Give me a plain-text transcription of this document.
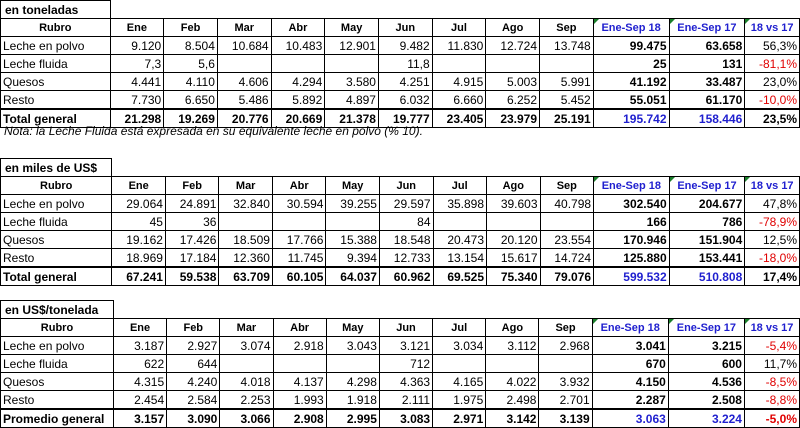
en toneladas												
Rubro	Ene	Feb	Mar	Abr	May	Jun	Jul	Ago	Sep	Ene-Sep 18	Ene-Sep 17	18 vs 17
Leche en polvo	9.120	8.504	10.684	10.483	12.901	9.482	11.830	12.724	13.748	99.475	63.658	56,3%
Leche fluida	7,3	5,6				11,8				25	131	-81,1%
Quesos	4.441	4.110	4.606	4.294	3.580	4.251	4.915	5.003	5.991	41.192	33.487	23,0%
Resto	7.730	6.650	5.486	5.892	4.897	6.032	6.660	6.252	5.452	55.051	61.170	-10,0%
Total general	21.298	19.269	20.776	20.669	21.378	19.777	23.405	23.979	25.191	195.742	158.446	23,5%
Nota: la Leche Fluida está expresada en su equivalente leche en polvo (% 10).
en miles de US$												
Rubro	Ene	Feb	Mar	Abr	May	Jun	Jul	Ago	Sep	Ene-Sep 18	Ene-Sep 17	18 vs 17
Leche en polvo	29.064	24.891	32.840	30.594	39.255	29.597	35.898	39.603	40.798	302.540	204.677	47,8%
Leche fluida	45	36				84				166	786	-78,9%
Quesos	19.162	17.426	18.509	17.766	15.388	18.548	20.473	20.120	23.554	170.946	151.904	12,5%
Resto	18.969	17.184	12.360	11.745	9.394	12.733	13.154	15.617	14.724	125.880	153.441	-18,0%
Total general	67.241	59.538	63.709	60.105	64.037	60.962	69.525	75.340	79.076	599.532	510.808	17,4%
en US$/tonelada												
Rubro	Ene	Feb	Mar	Abr	May	Jun	Jul	Ago	Sep	Ene-Sep 18	Ene-Sep 17	18 vs 17
Leche en polvo	3.187	2.927	3.074	2.918	3.043	3.121	3.034	3.112	2.968	3.041	3.215	-5,4%
Leche fluida	622	644				712				670	600	11,7%
Quesos	4.315	4.240	4.018	4.137	4.298	4.363	4.165	4.022	3.932	4.150	4.536	-8,5%
Resto	2.454	2.584	2.253	1.993	1.918	2.111	1.975	2.498	2.701	2.287	2.508	-8,8%
Promedio general	3.157	3.090	3.066	2.908	2.995	3.083	2.971	3.142	3.139	3.063	3.224	-5,0%
